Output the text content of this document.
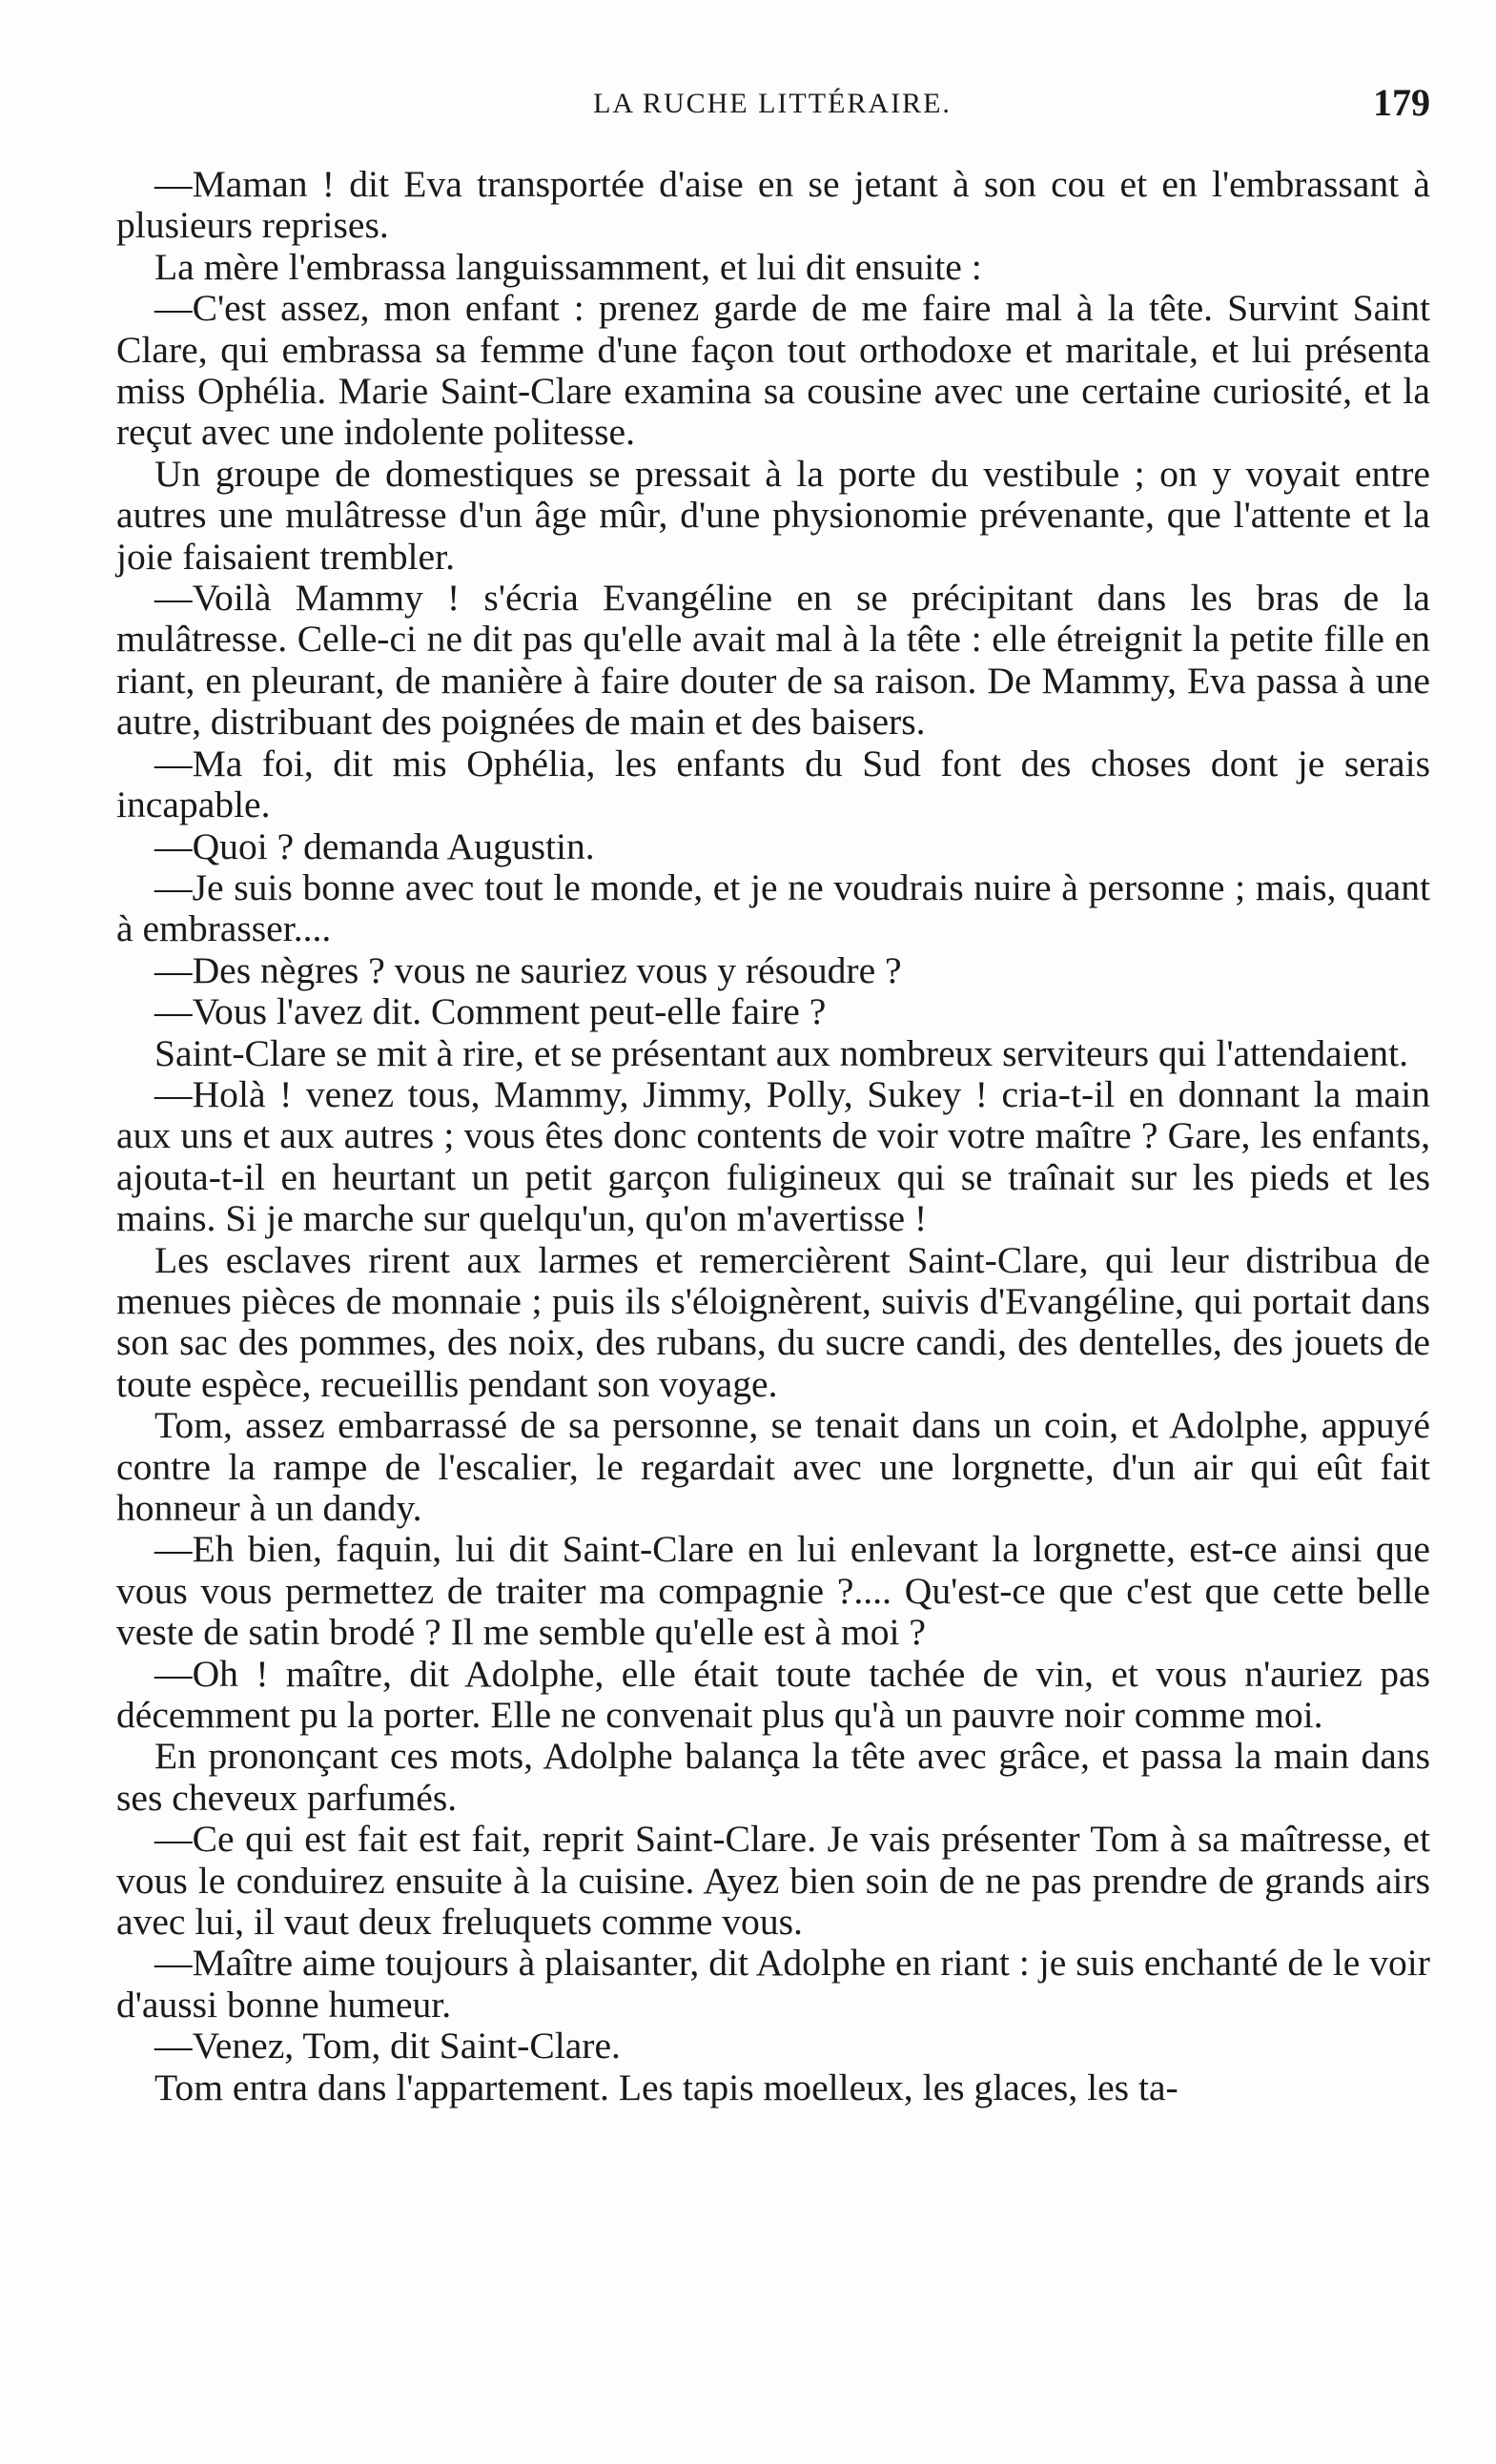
LA RUCHE LITTÉRAIRE.	179

—Maman ! dit Eva transportée d'aise en se jetant à son cou et en l'embrassant à plusieurs reprises.

La mère l'embrassa languissamment, et lui dit ensuite :

—C'est assez, mon enfant : prenez garde de me faire mal à la tête. Survint Saint Clare, qui embrassa sa femme d'une façon tout orthodoxe et maritale, et lui présenta miss Ophélia. Marie Saint-Clare examina sa cousine avec une certaine curiosité, et la reçut avec une indolente politesse.

Un groupe de domestiques se pressait à la porte du vestibule ; on y voyait entre autres une mulâtresse d'un âge mûr, d'une physionomie prévenante, que l'attente et la joie faisaient trembler.

—Voilà Mammy ! s'écria Evangéline en se précipitant dans les bras de la mulâtresse. Celle-ci ne dit pas qu'elle avait mal à la tête : elle étreignit la petite fille en riant, en pleurant, de manière à faire douter de sa raison. De Mammy, Eva passa à une autre, distribuant des poignées de main et des baisers.

—Ma foi, dit mis Ophélia, les enfants du Sud font des choses dont je serais incapable.

—Quoi ? demanda Augustin.

—Je suis bonne avec tout le monde, et je ne voudrais nuire à personne ; mais, quant à embrasser....

—Des nègres ? vous ne sauriez vous y résoudre ?

—Vous l'avez dit. Comment peut-elle faire ?

Saint-Clare se mit à rire, et se présentant aux nombreux serviteurs qui l'attendaient.

—Holà ! venez tous, Mammy, Jimmy, Polly, Sukey ! cria-t-il en donnant la main aux uns et aux autres ; vous êtes donc contents de voir votre maître ? Gare, les enfants, ajouta-t-il en heurtant un petit garçon fuligineux qui se traînait sur les pieds et les mains. Si je marche sur quelqu'un, qu'on m'avertisse !

Les esclaves rirent aux larmes et remercièrent Saint-Clare, qui leur distribua de menues pièces de monnaie ; puis ils s'éloignèrent, suivis d'Evangéline, qui portait dans son sac des pommes, des noix, des rubans, du sucre candi, des dentelles, des jouets de toute espèce, recueillis pendant son voyage.

Tom, assez embarrassé de sa personne, se tenait dans un coin, et Adolphe, appuyé contre la rampe de l'escalier, le regardait avec une lorgnette, d'un air qui eût fait honneur à un dandy.

—Eh bien, faquin, lui dit Saint-Clare en lui enlevant la lorgnette, est-ce ainsi que vous vous permettez de traiter ma compagnie ?.... Qu'est-ce que c'est que cette belle veste de satin brodé ? Il me semble qu'elle est à moi ?

—Oh ! maître, dit Adolphe, elle était toute tachée de vin, et vous n'auriez pas décemment pu la porter. Elle ne convenait plus qu'à un pauvre noir comme moi.

En prononçant ces mots, Adolphe balança la tête avec grâce, et passa la main dans ses cheveux parfumés.

—Ce qui est fait est fait, reprit Saint-Clare. Je vais présenter Tom à sa maîtresse, et vous le conduirez ensuite à la cuisine. Ayez bien soin de ne pas prendre de grands airs avec lui, il vaut deux freluquets comme vous.

—Maître aime toujours à plaisanter, dit Adolphe en riant : je suis enchanté de le voir d'aussi bonne humeur.

—Venez, Tom, dit Saint-Clare.

Tom entra dans l'appartement. Les tapis moelleux, les glaces, les ta-
